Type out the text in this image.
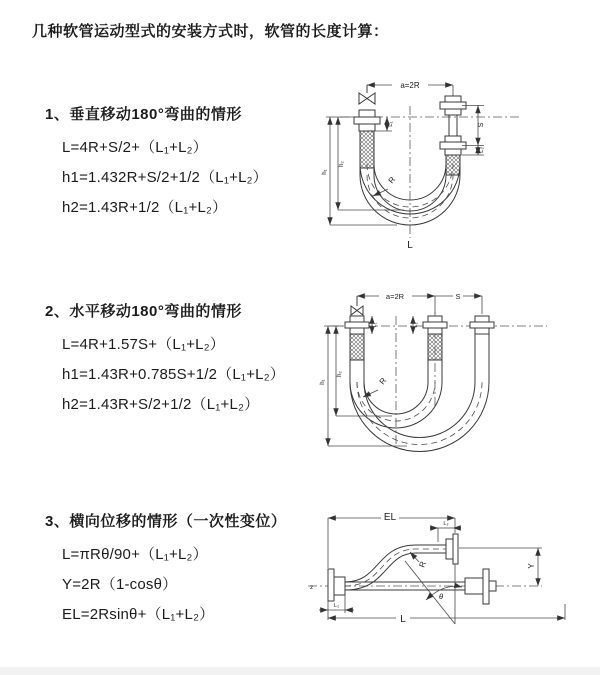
几种软管运动型式的安装方式时，软管的长度计算：
1、垂直移动180°弯曲的情形
L=4R+S/2+（L₁+L₂）
h1=1.432R+S/2+1/2（L₁+L₂）
h2=1.43R+1/2（L₁+L₂）
2、水平移动180°弯曲的情形
L=4R+1.57S+（L₁+L₂）
h1=1.43R+0.785S+1/2（L₁+L₂）
h2=1.43R+S/2+1/2（L₁+L₂）
3、横向位移的情形（一次性变位）
L=πRθ/90+（L₁+L₂）
Y=2R（1-cosθ）
EL=2Rsinθ+（L₁+L₂）
a=2R
L₁	S
L₂
h₂
h₁
R
L
a=2R	S
L₁	L₂
h₂
h₁	R
z
EL
L₂
θ
R	Y
L₁
L
